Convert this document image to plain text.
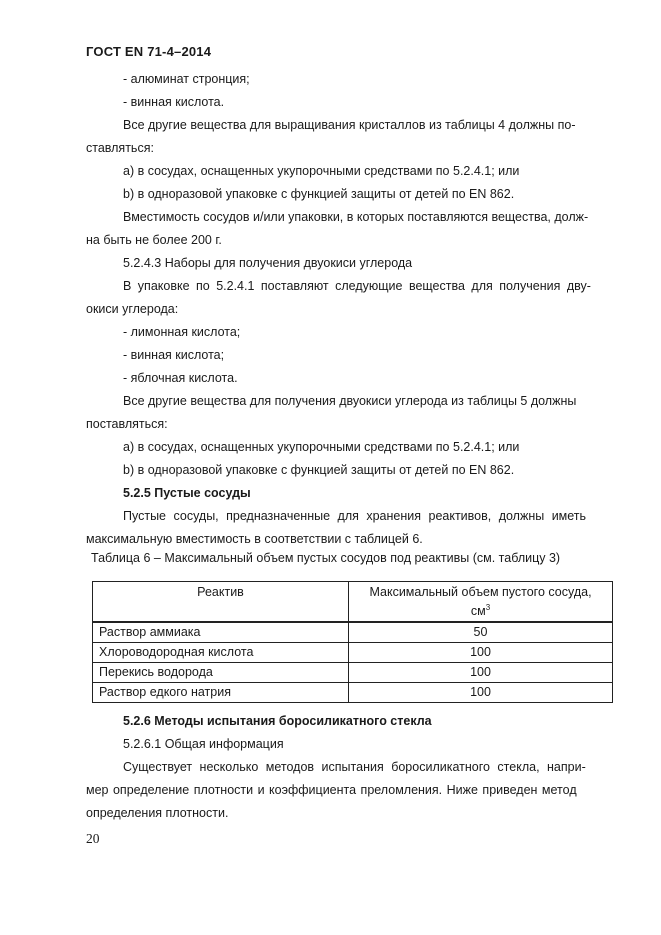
ГОСТ EN 71-4–2014
- алюминат стронция;
- винная кислота.
Все другие вещества для выращивания кристаллов из таблицы 4 должны по-
ставляться:
a) в сосудах, оснащенных укупорочными средствами по 5.2.4.1; или
b) в одноразовой упаковке с функцией защиты от детей по EN 862.
Вместимость сосудов и/или упаковки, в которых поставляются вещества, долж-
на быть не более 200 г.
5.2.4.3 Наборы для получения двуокиси углерода
В упаковке по 5.2.4.1 поставляют следующие вещества для получения дву-
окиси углерода:
- лимонная кислота;
- винная кислота;
- яблочная кислота.
Все другие вещества для получения двуокиси углерода из таблицы 5 должны
поставляться:
a) в сосудах, оснащенных укупорочными средствами по 5.2.4.1; или
b) в одноразовой упаковке с функцией защиты от детей по EN 862.
5.2.5 Пустые сосуды
Пустые сосуды, предназначенные для хранения реактивов, должны иметь
максимальную вместимость в соответствии с таблицей 6.
Таблица 6 – Максимальный объем пустых сосудов под реактивы (см. таблицу 3)
Реактив	Максимальный объем пустого сосуда,
$см^3$
Раствор аммиака	50
Хлороводородная кислота	100
Перекись водорода	100
Раствор едкого натрия	100
5.2.6 Методы испытания боросиликатного стекла
5.2.6.1 Общая информация
Существует несколько методов испытания боросиликатного стекла, напри-
мер определение плотности и коэффициента преломления. Ниже приведен метод
определения плотности.
20
